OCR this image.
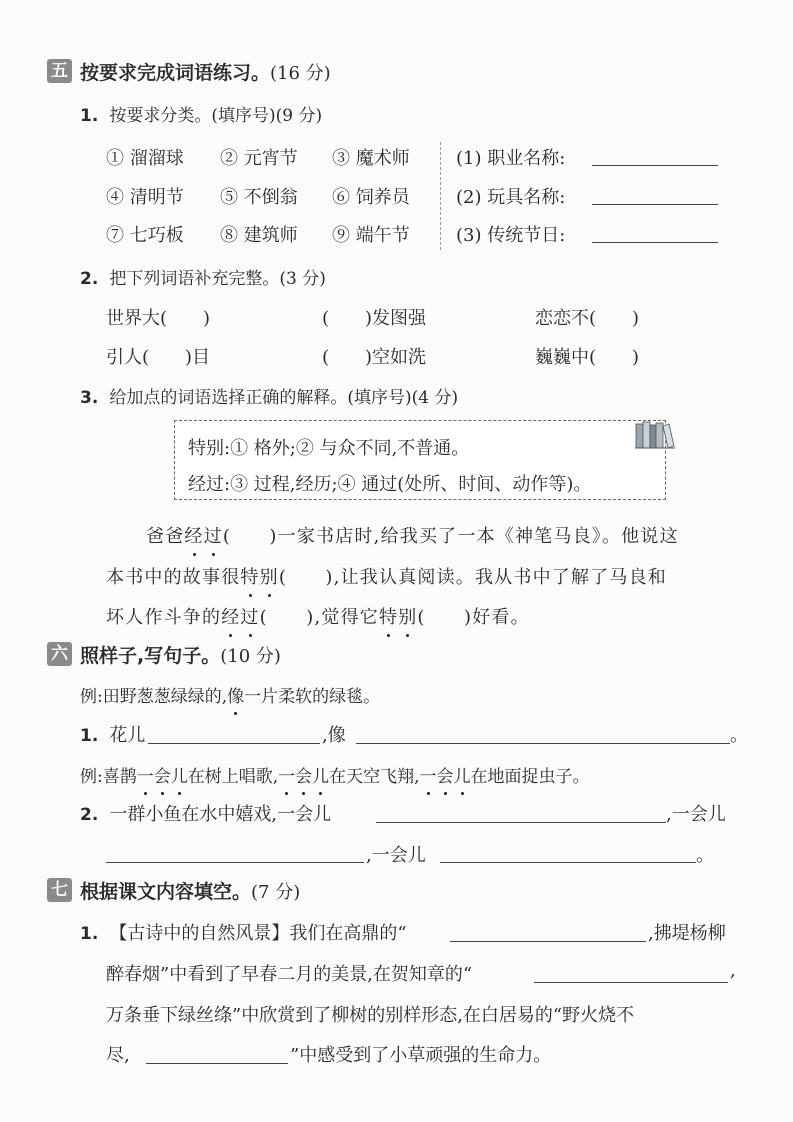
五 按要求完成词语练习。(16 分)
1. 按要求分类。(填序号)(9 分)
① 溜溜球 ② 元宵节 ③ 魔术师
④ 清明节 ⑤ 不倒翁 ⑥ 饲养员
⑦ 七巧板 ⑧ 建筑师 ⑨ 端午节
(1) 职业名称:
(2) 玩具名称:
(3) 传统节日:
2. 把下列词语补充完整。(3 分)
世界大(　　)	(　　)发图强	恋恋不(　　)
引人(　　)目	(　　)空如洗	巍巍中(　　)
3. 给加点的词语选择正确的解释。(填序号)(4 分)
特别:① 格外;② 与众不同,不普通。
经过:③ 过程,经历;④ 通过(处所、时间、动作等)。
爸爸经过(　　)一家书店时,给我买了一本《神笔马良》。他说这
本书中的故事很特别(　　),让我认真阅读。我从书中了解了马良和
坏人作斗争的经过(　　),觉得它特别(　　)好看。
六 照样子,写句子。(10 分)
例:田野葱葱绿绿的,像一片柔软的绿毯。
1. 花儿	,像	。
例:喜鹊一会儿在树上唱歌,一会儿在天空飞翔,一会儿在地面捉虫子。
2. 一群小鱼在水中嬉戏,一会儿	,一会儿
,一会儿	。
七 根据课文内容填空。(7 分)
1. 【古诗中的自然风景】我们在高鼎的“	,拂堤杨柳
醉春烟”中看到了早春二月的美景,在贺知章的“	,
万条垂下绿丝绦”中欣赏到了柳树的别样形态,在白居易的“野火烧不
尽,	”中感受到了小草顽强的生命力。
